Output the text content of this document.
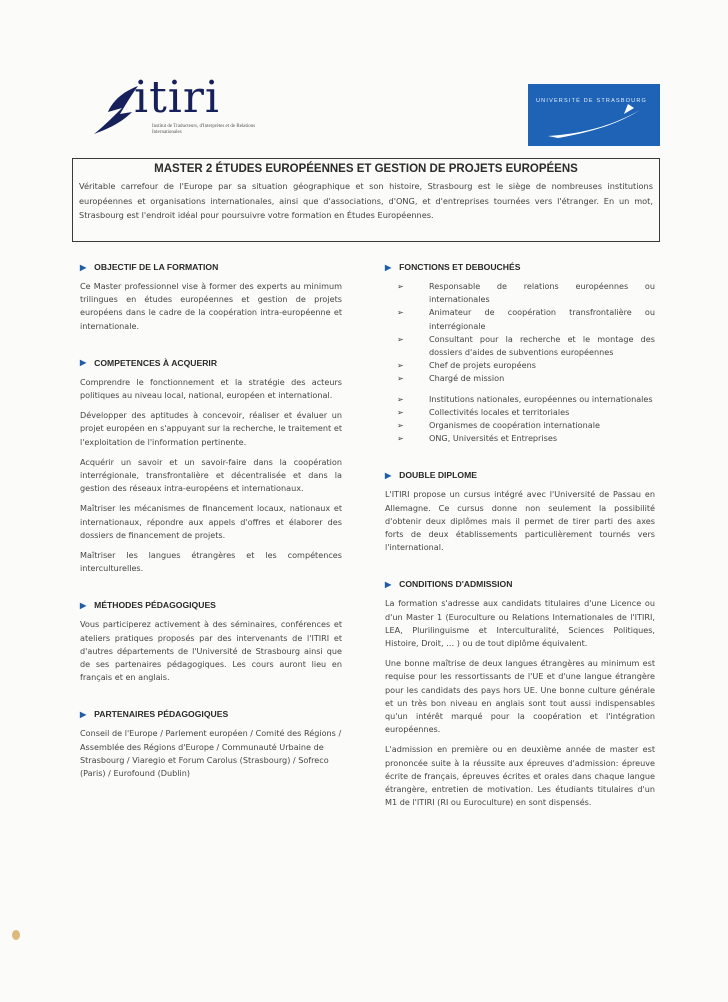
itiri
Institut de Traducteurs, d'Interprètes et de Relations Internationales
UNIVERSITÉ DE STRASBOURG
MASTER 2 ÉTUDES EUROPÉENNES ET GESTION DE PROJETS EUROPÉENS

Véritable carrefour de l'Europe par sa situation géographique et son histoire, Strasbourg est le siège de nombreuses institutions européennes et organisations internationales, ainsi que d'associations, d'ONG, et d'entreprises tournées vers l'étranger. En un mot, Strasbourg est l'endroit idéal pour poursuivre votre formation en Études Européennes.

▶ OBJECTIF DE LA FORMATION

Ce Master professionnel vise à former des experts au minimum trilingues en études européennes et gestion de projets européens dans le cadre de la coopération intra-européenne et internationale.

▶ COMPETENCES À ACQUERIR

Comprendre le fonctionnement et la stratégie des acteurs politiques au niveau local, national, européen et international.

Développer des aptitudes à concevoir, réaliser et évaluer un projet européen en s'appuyant sur la recherche, le traitement et l'exploitation de l'information pertinente.

Acquérir un savoir et un savoir-faire dans la coopération interrégionale, transfrontalière et décentralisée et dans la gestion des réseaux intra-européens et internationaux.

Maîtriser les mécanismes de financement locaux, nationaux et internationaux, répondre aux appels d'offres et élaborer des dossiers de financement de projets.

Maîtriser les langues étrangères et les compétences interculturelles.

▶ MÉTHODES PÉDAGOGIQUES

Vous participerez activement à des séminaires, conférences et ateliers pratiques proposés par des intervenants de l'ITIRI et d'autres départements de l'Université de Strasbourg ainsi que de ses partenaires pédagogiques. Les cours auront lieu en français et en anglais.

▶ PARTENAIRES PÉDAGOGIQUES

Conseil de l'Europe / Parlement européen / Comité des Régions / Assemblée des Régions d'Europe / Communauté Urbaine de Strasbourg / Viaregio et Forum Carolus (Strasbourg) / Sofreco (Paris) / Eurofound (Dublin)

▶ FONCTIONS ET DEBOUCHÉS
➢	Responsable de relations européennes ou internationales
➢	Animateur de coopération transfrontalière ou interrégionale
➢	Consultant pour la recherche et le montage des dossiers d'aides de subventions européennes
➢	Chef de projets européens
➢	Chargé de mission
➢	Institutions nationales, européennes ou internationales
➢	Collectivités locales et territoriales
➢	Organismes de coopération internationale
➢	ONG, Universités et Entreprises
▶ DOUBLE DIPLOME

L'ITIRI propose un cursus intégré avec l'Université de Passau en Allemagne. Ce cursus donne non seulement la possibilité d'obtenir deux diplômes mais il permet de tirer parti des axes forts de deux établissements particulièrement tournés vers l'international.

▶ CONDITIONS D'ADMISSION

La formation s'adresse aux candidats titulaires d'une Licence ou d'un Master 1 (Euroculture ou Relations Internationales de l'ITIRI, LEA, Plurilinguisme et Interculturalité, Sciences Politiques, Histoire, Droit, … ) ou de tout diplôme équivalent.

Une bonne maîtrise de deux langues étrangères au minimum est requise pour les ressortissants de l'UE et d'une langue étrangère pour les candidats des pays hors UE. Une bonne culture générale et un très bon niveau en anglais sont tout aussi indispensables qu'un intérêt marqué pour la coopération et l'intégration européennes.

L'admission en première ou en deuxième année de master est prononcée suite à la réussite aux épreuves d'admission: épreuve écrite de français, épreuves écrites et orales dans chaque langue étrangère, entretien de motivation. Les étudiants titulaires d'un M1 de l'ITIRI (RI ou Euroculture) en sont dispensés.
